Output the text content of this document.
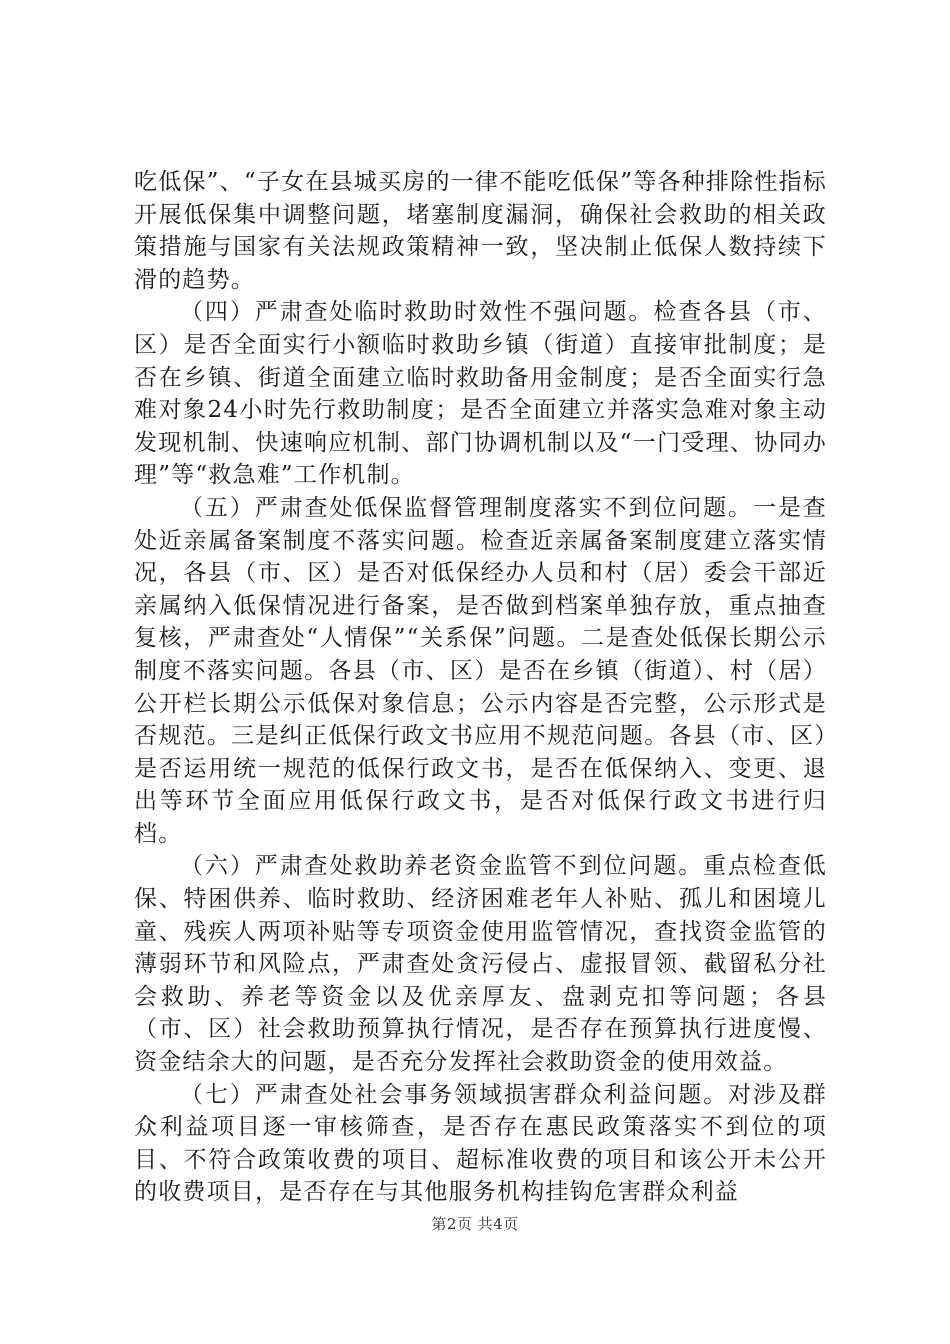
吃低保”、“子女在县城买房的一律不能吃低保”等各种排除性指标开展低保集中调整问题，堵塞制度漏洞，确保社会救助的相关政策措施与国家有关法规政策精神一致，坚决制止低保人数持续下滑的趋势。

（四）严肃查处临时救助时效性不强问题。检查各县（市、区）是否全面实行小额临时救助乡镇（街道）直接审批制度；是否在乡镇、街道全面建立临时救助备用金制度；是否全面实行急难对象24小时先行救助制度；是否全面建立并落实急难对象主动发现机制、快速响应机制、部门协调机制以及“一门受理、协同办理”等“救急难”工作机制。

（五）严肃查处低保监督管理制度落实不到位问题。一是查处近亲属备案制度不落实问题。检查近亲属备案制度建立落实情况，各县（市、区）是否对低保经办人员和村（居）委会干部近亲属纳入低保情况进行备案，是否做到档案单独存放，重点抽查复核，严肃查处“人情保”“关系保”问题。二是查处低保长期公示制度不落实问题。各县（市、区）是否在乡镇（街道）、村（居）公开栏长期公示低保对象信息；公示内容是否完整，公示形式是否规范。三是纠正低保行政文书应用不规范问题。各县（市、区）是否运用统一规范的低保行政文书，是否在低保纳入、变更、退出等环节全面应用低保行政文书，是否对低保行政文书进行归档。

（六）严肃查处救助养老资金监管不到位问题。重点检查低保、特困供养、临时救助、经济困难老年人补贴、孤儿和困境儿童、残疾人两项补贴等专项资金使用监管情况，查找资金监管的薄弱环节和风险点，严肃查处贪污侵占、虚报冒领、截留私分社会救助、养老等资金以及优亲厚友、盘剥克扣等问题；各县（市、区）社会救助预算执行情况，是否存在预算执行进度慢、资金结余大的问题，是否充分发挥社会救助资金的使用效益。

（七）严肃查处社会事务领域损害群众利益问题。对涉及群众利益项目逐一审核筛查，是否存在惠民政策落实不到位的项目、不符合政策收费的项目、超标准收费的项目和该公开未公开的收费项目，是否存在与其他服务机构挂钩危害群众利益

第2页 共4页
